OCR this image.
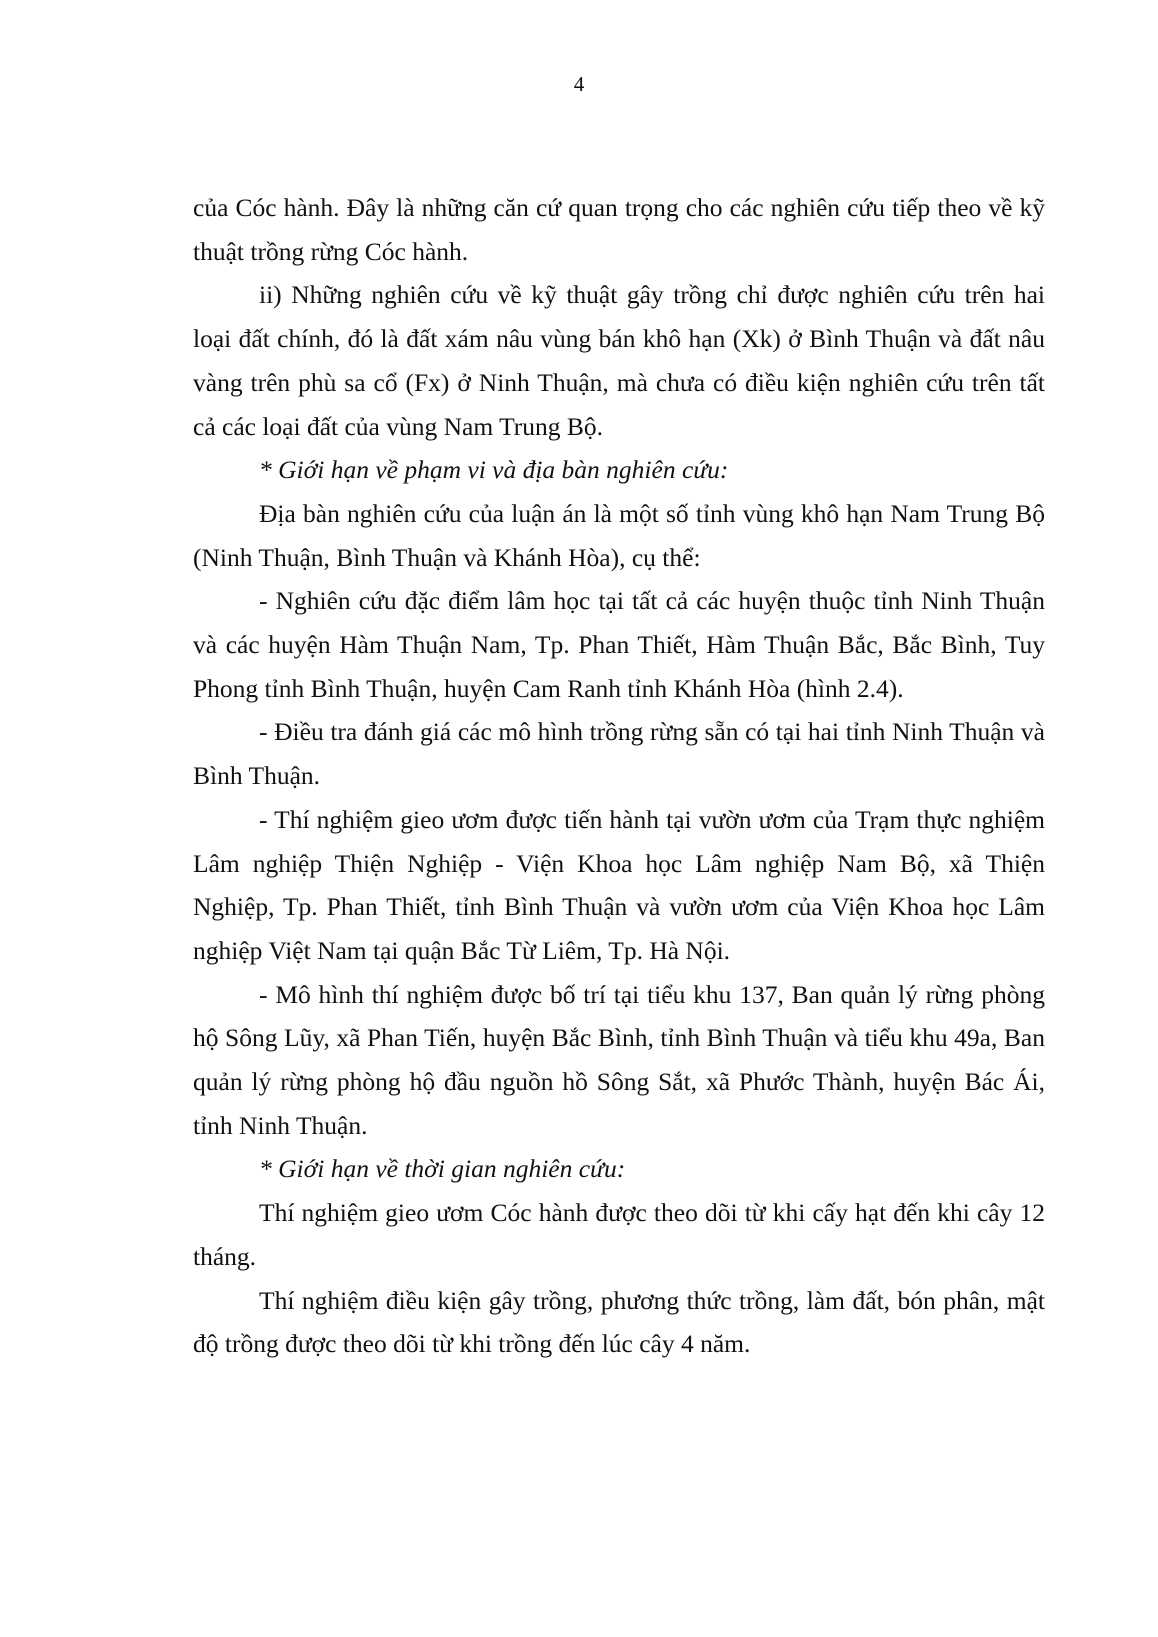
4

của Cóc hành. Đây là những căn cứ quan trọng cho các nghiên cứu tiếp theo về kỹ thuật trồng rừng Cóc hành.

ii) Những nghiên cứu về kỹ thuật gây trồng chỉ được nghiên cứu trên hai loại đất chính, đó là đất xám nâu vùng bán khô hạn (Xk) ở Bình Thuận và đất nâu vàng trên phù sa cổ (Fx) ở Ninh Thuận, mà chưa có điều kiện nghiên cứu trên tất cả các loại đất của vùng Nam Trung Bộ.

* Giới hạn về phạm vi và địa bàn nghiên cứu:

Địa bàn nghiên cứu của luận án là một số tỉnh vùng khô hạn Nam Trung Bộ (Ninh Thuận, Bình Thuận và Khánh Hòa), cụ thể:

- Nghiên cứu đặc điểm lâm học tại tất cả các huyện thuộc tỉnh Ninh Thuận và các huyện Hàm Thuận Nam, Tp. Phan Thiết, Hàm Thuận Bắc, Bắc Bình, Tuy Phong tỉnh Bình Thuận, huyện Cam Ranh tỉnh Khánh Hòa (hình 2.4).

- Điều tra đánh giá các mô hình trồng rừng sẵn có tại hai tỉnh Ninh Thuận và Bình Thuận.

- Thí nghiệm gieo ươm được tiến hành tại vườn ươm của Trạm thực nghiệm Lâm nghiệp Thiện Nghiệp - Viện Khoa học Lâm nghiệp Nam Bộ, xã Thiện Nghiệp, Tp. Phan Thiết, tỉnh Bình Thuận và vườn ươm của Viện Khoa học Lâm nghiệp Việt Nam tại quận Bắc Từ Liêm, Tp. Hà Nội.

- Mô hình thí nghiệm được bố trí tại tiểu khu 137, Ban quản lý rừng phòng hộ Sông Lũy, xã Phan Tiến, huyện Bắc Bình, tỉnh Bình Thuận và tiểu khu 49a, Ban quản lý rừng phòng hộ đầu nguồn hồ Sông Sắt, xã Phước Thành, huyện Bác Ái, tỉnh Ninh Thuận.

* Giới hạn về thời gian nghiên cứu:

Thí nghiệm gieo ươm Cóc hành được theo dõi từ khi cấy hạt đến khi cây 12 tháng.

Thí nghiệm điều kiện gây trồng, phương thức trồng, làm đất, bón phân, mật độ trồng được theo dõi từ khi trồng đến lúc cây 4 năm.
